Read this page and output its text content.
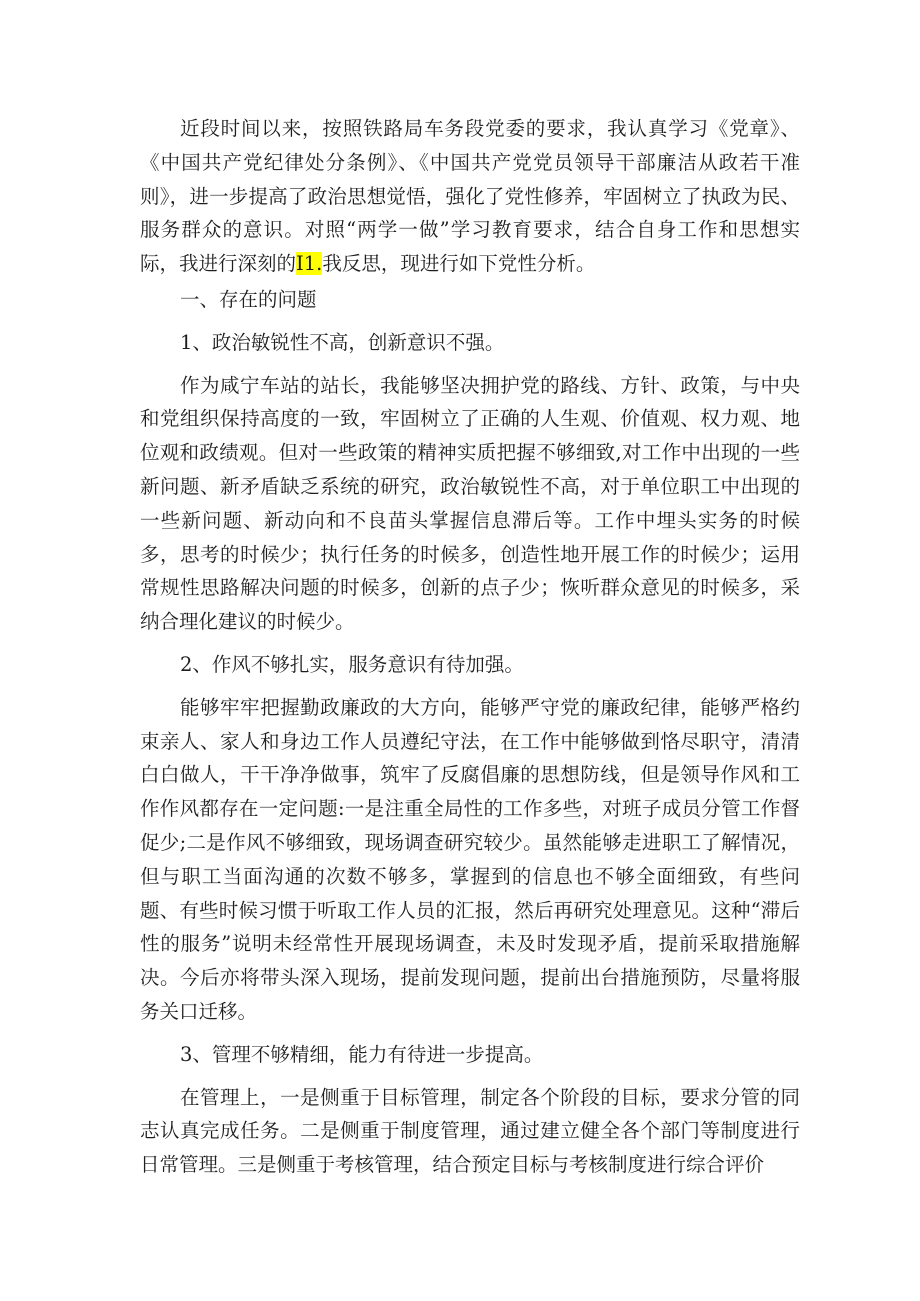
近段时间以来，按照铁路局车务段党委的要求，我认真学习《党章》、《中国共产党纪律处分条例》、《中国共产党党员领导干部廉洁从政若干准则》，进一步提高了政治思想觉悟，强化了党性修养，牢固树立了执政为民、服务群众的意识。对照“两学一做”学习教育要求，结合自身工作和思想实际，我进行深刻的I1.我反思，现进行如下党性分析。

一、存在的问题

1、政治敏锐性不高，创新意识不强。

作为咸宁车站的站长，我能够坚决拥护党的路线、方针、政策，与中央和党组织保持高度的一致，牢固树立了正确的人生观、价值观、权力观、地位观和政绩观。但对一些政策的精神实质把握不够细致,对工作中出现的一些新问题、新矛盾缺乏系统的研究，政治敏锐性不高，对于单位职工中出现的一些新问题、新动向和不良苗头掌握信息滞后等。工作中埋头实务的时候多，思考的时候少；执行任务的时候多，创造性地开展工作的时候少；运用常规性思路解决问题的时候多，创新的点子少；恢听群众意见的时候多，采纳合理化建议的时候少。

2、作风不够扎实，服务意识有待加强。

能够牢牢把握勤政廉政的大方向，能够严守党的廉政纪律，能够严格约束亲人、家人和身边工作人员遵纪守法，在工作中能够做到恪尽职守，清清白白做人，干干净净做事，筑牢了反腐倡廉的思想防线，但是领导作风和工作作风都存在一定问题:一是注重全局性的工作多些，对班子成员分管工作督促少;二是作风不够细致，现场调查研究较少。虽然能够走进职工了解情况，但与职工当面沟通的次数不够多，掌握到的信息也不够全面细致，有些问题、有些时候习惯于听取工作人员的汇报，然后再研究处理意见。这种“滞后性的服务”说明未经常性开展现场调查，未及时发现矛盾，提前采取措施解决。今后亦将带头深入现场，提前发现问题，提前出台措施预防，尽量将服务关口迁移。

3、管理不够精细，能力有待进一步提高。

在管理上，一是侧重于目标管理，制定各个阶段的目标，要求分管的同志认真完成任务。二是侧重于制度管理，通过建立健全各个部门等制度进行日常管理。三是侧重于考核管理，结合预定目标与考核制度进行综合评价
